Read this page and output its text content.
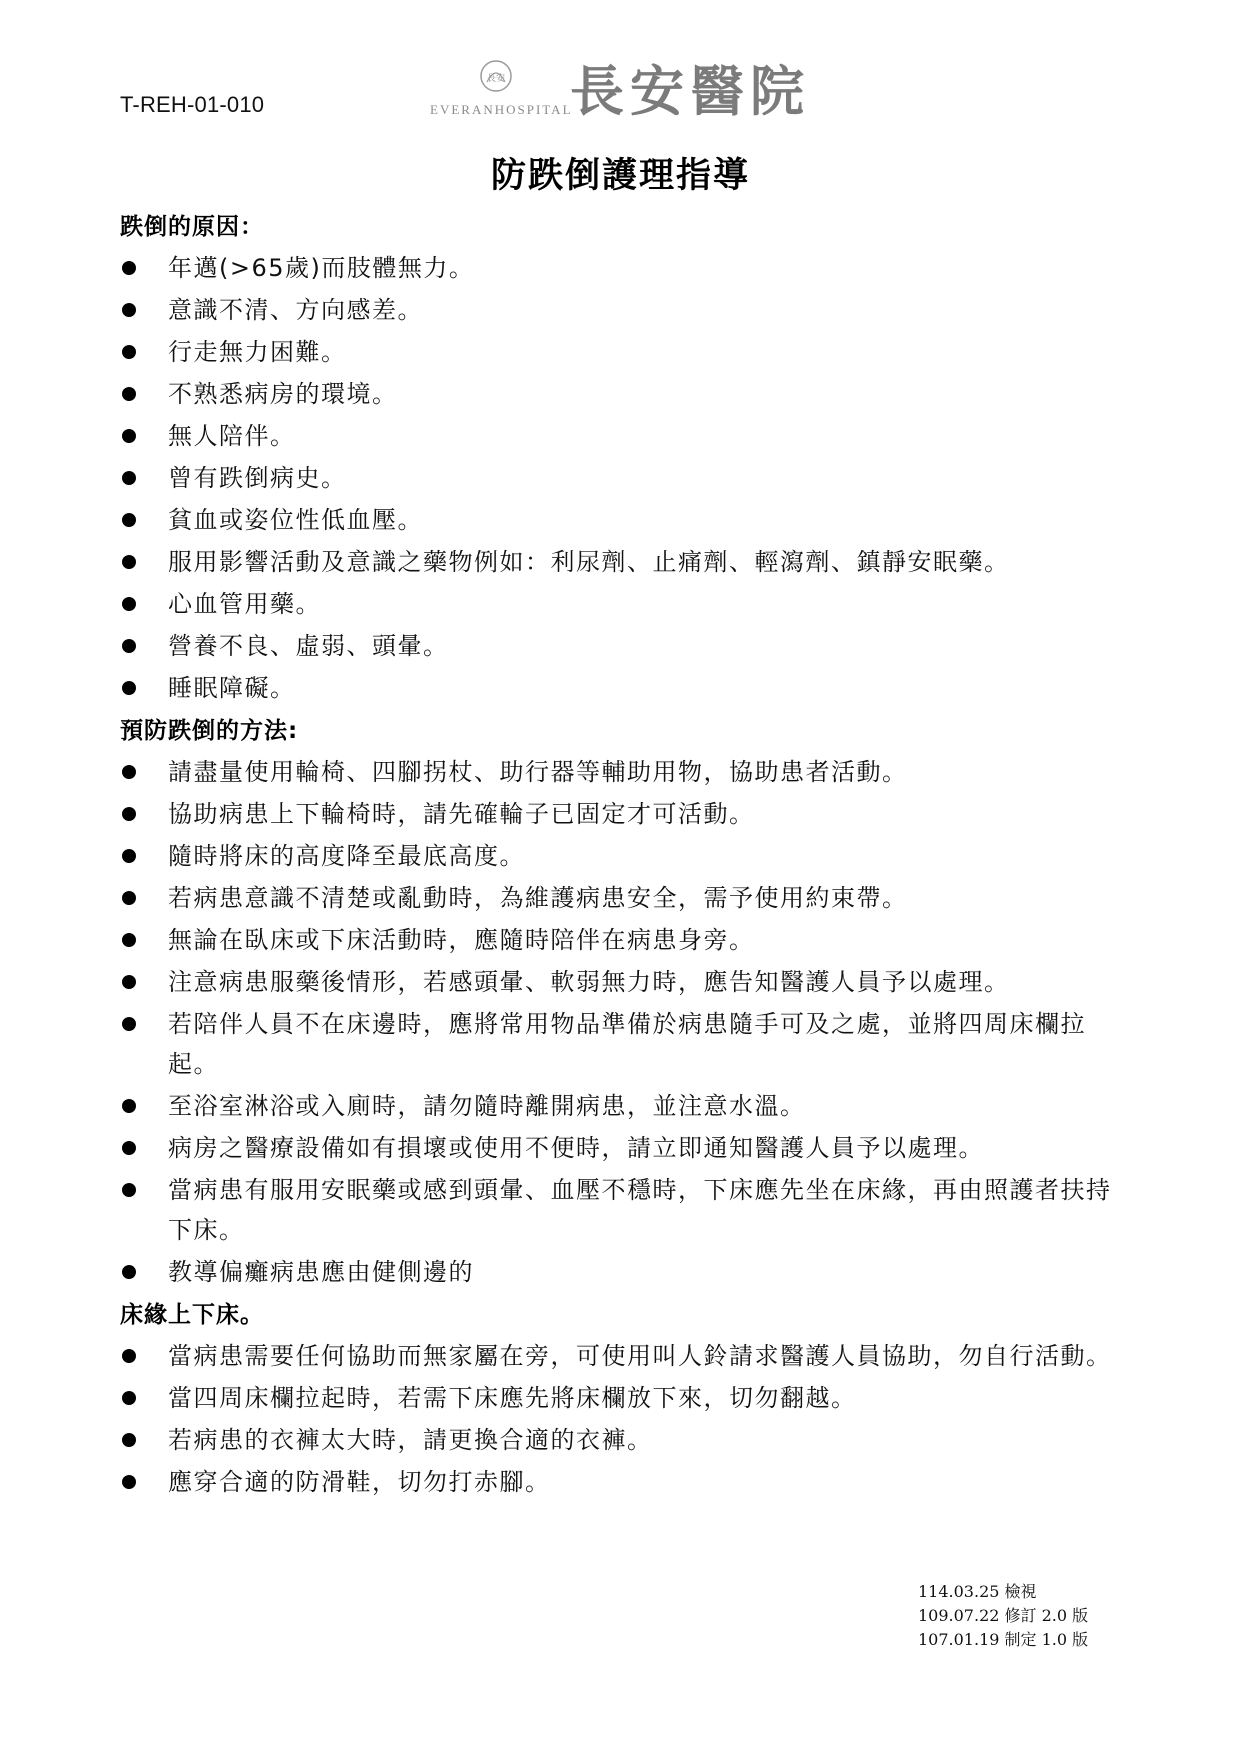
T-REH-01-010
長安
EVERANHOSPITAL
長安醫院
防跌倒護理指導
跌倒的原因：
年邁(>65歲)而肢體無力。
意識不清、方向感差。
行走無力困難。
不熟悉病房的環境。
無人陪伴。
曾有跌倒病史。
貧血或姿位性低血壓。
服用影響活動及意識之藥物例如：利尿劑、止痛劑、輕瀉劑、鎮靜安眠藥。
心血管用藥。
營養不良、虛弱、頭暈。
睡眠障礙。
預防跌倒的方法:
請盡量使用輪椅、四腳拐杖、助行器等輔助用物，協助患者活動。
協助病患上下輪椅時，請先確輪子已固定才可活動。
隨時將床的高度降至最底高度。
若病患意識不清楚或亂動時，為維護病患安全，需予使用約束帶。
無論在臥床或下床活動時，應隨時陪伴在病患身旁。
注意病患服藥後情形，若感頭暈、軟弱無力時，應告知醫護人員予以處理。
若陪伴人員不在床邊時，應將常用物品準備於病患隨手可及之處，並將四周床欄拉起。
至浴室淋浴或入廁時，請勿隨時離開病患，並注意水溫。
病房之醫療設備如有損壞或使用不便時，請立即通知醫護人員予以處理。
當病患有服用安眠藥或感到頭暈、血壓不穩時，下床應先坐在床緣，再由照護者扶持下床。
教導偏癱病患應由健側邊的
床緣上下床。
當病患需要任何協助而無家屬在旁，可使用叫人鈴請求醫護人員協助，勿自行活動。
當四周床欄拉起時，若需下床應先將床欄放下來，切勿翻越。
若病患的衣褲太大時，請更換合適的衣褲。
應穿合適的防滑鞋，切勿打赤腳。
114.03.25 檢視
109.07.22 修訂 2.0 版
107.01.19 制定 1.0 版
